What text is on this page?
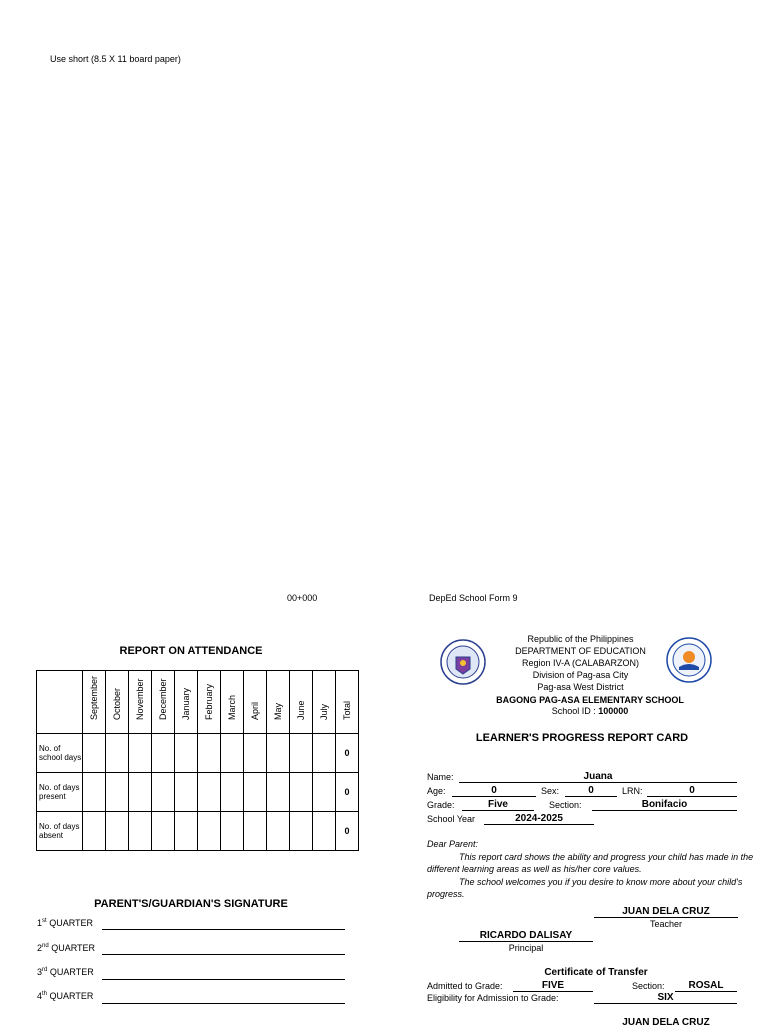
Use short (8.5 X 11 board paper)
00+000	DepEd School Form 9
REPORT ON ATTENDANCE

	September	October	November	December	January	February	March	April	May	June	July	Total

No. of school days												0
No. of days present												0
No. of days absent												0
PARENT'S/GUARDIAN'S SIGNATURE
1st QUARTER
2nd QUARTER
3rd QUARTER
4th QUARTER
Republic of the Philippines
DEPARTMENT OF EDUCATION
Region IV-A (CALABARZON)
Division of Pag-asa City
Pag-asa West District
BAGONG PAG-ASA ELEMENTARY SCHOOL
School ID : 100000
LEARNER'S PROGRESS REPORT CARD
Name:	Juana
Age:	0	Sex:	0	LRN:	0
Grade:	Five	Section:	Bonifacio
School Year	2024-2025

Dear Parent:

This report card shows the ability and progress your child has made in the different learning areas as well as his/her core values.

The school welcomes you if you desire to know more about your child's progress.

JUAN DELA CRUZ
Teacher
RICARDO DALISAY
Principal
Certificate of Transfer
Admitted to Grade:	FIVE	Section:	ROSAL
Eligibility for Admission to Grade:	SIX
JUAN DELA CRUZ
